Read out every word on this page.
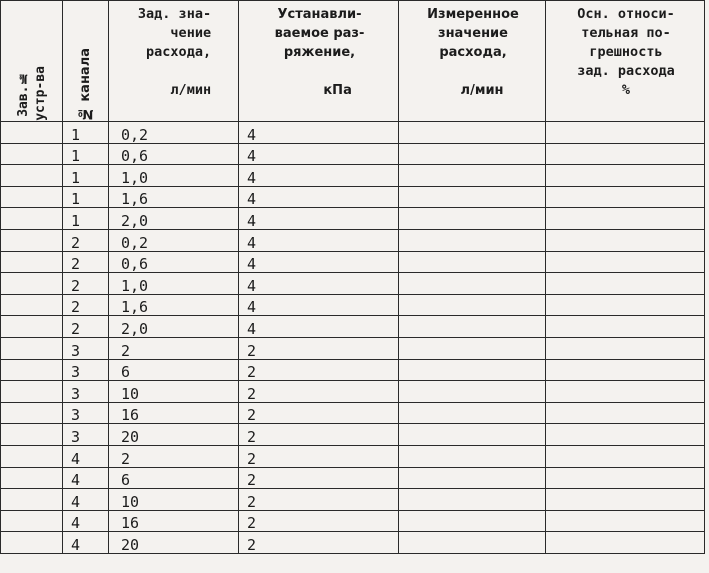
Зав.№
устр-ва	№ канала	Зад. зна-
чение
расхода,

л/мин	Устанавли-
ваемое раз-
ряжение,

кПа	Измеренное
значение
расхода,

л/мин	Осн. относи-
тельная по-
грешность
зад. расхода
%

	1	0,2	4		
	1	0,6	4		
	1	1,0	4		
	1	1,6	4		
	1	2,0	4		
	2	0,2	4		
	2	0,6	4		
	2	1,0	4		
	2	1,6	4		
	2	2,0	4		
	3	2	2		
	3	6	2		
	3	10	2		
	3	16	2		
	3	20	2		
	4	2	2		
	4	6	2		
	4	10	2		
	4	16	2		
	4	20	2		
